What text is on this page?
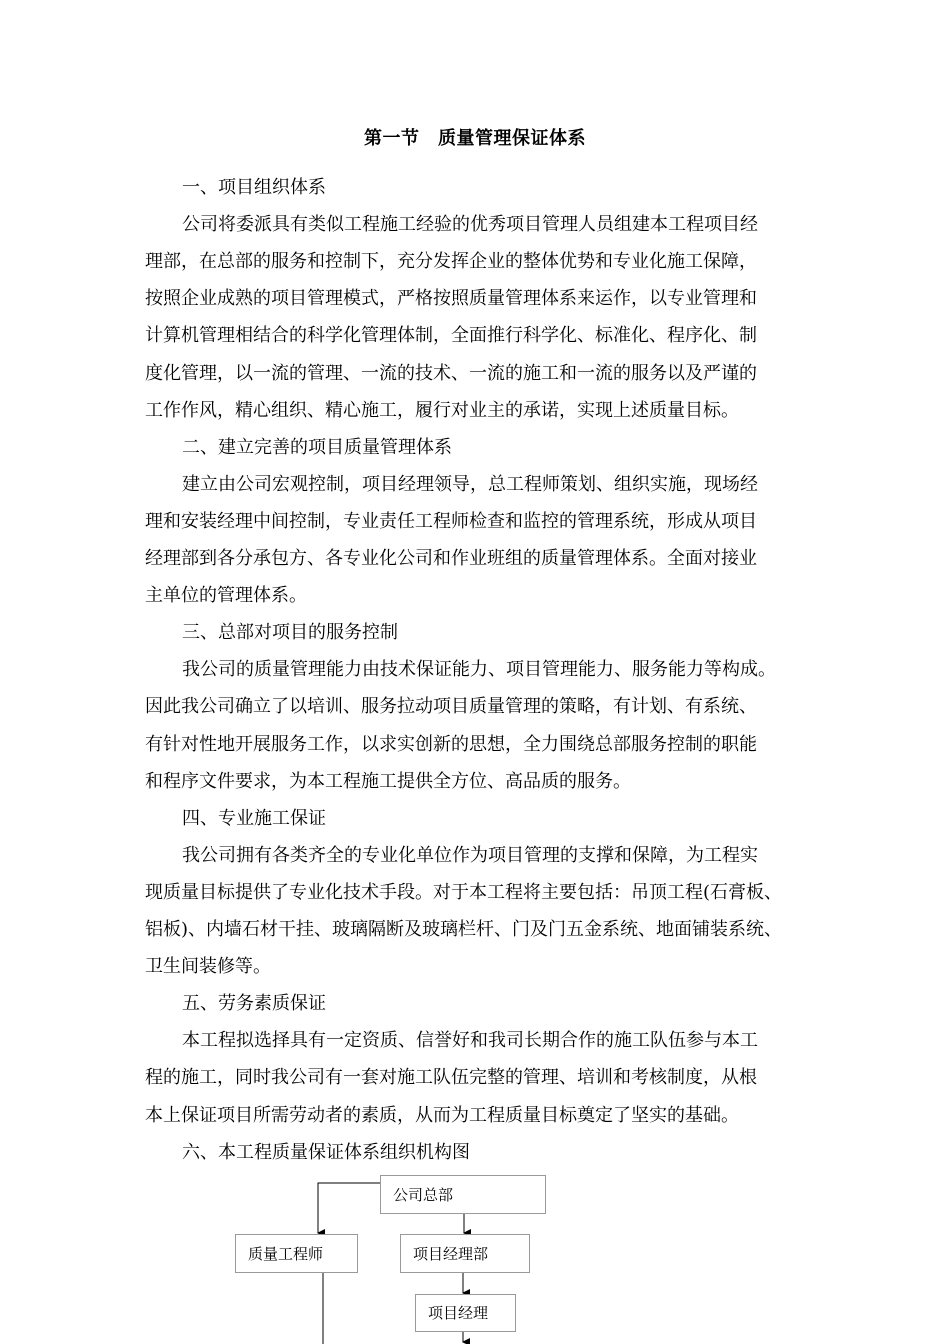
第一节　质量管理保证体系
一、项目组织体系
公司将委派具有类似工程施工经验的优秀项目管理人员组建本工程项目经
理部，在总部的服务和控制下，充分发挥企业的整体优势和专业化施工保障，
按照企业成熟的项目管理模式，严格按照质量管理体系来运作，以专业管理和
计算机管理相结合的科学化管理体制，全面推行科学化、标准化、程序化、制
度化管理，以一流的管理、一流的技术、一流的施工和一流的服务以及严谨的
工作作风，精心组织、精心施工，履行对业主的承诺，实现上述质量目标。
二、建立完善的项目质量管理体系
建立由公司宏观控制，项目经理领导，总工程师策划、组织实施，现场经
理和安装经理中间控制，专业责任工程师检查和监控的管理系统，形成从项目
经理部到各分承包方、各专业化公司和作业班组的质量管理体系。全面对接业
主单位的管理体系。
三、总部对项目的服务控制
我公司的质量管理能力由技术保证能力、项目管理能力、服务能力等构成。
因此我公司确立了以培训、服务拉动项目质量管理的策略，有计划、有系统、
有针对性地开展服务工作，以求实创新的思想，全力围绕总部服务控制的职能
和程序文件要求，为本工程施工提供全方位、高品质的服务。
四、专业施工保证
我公司拥有各类齐全的专业化单位作为项目管理的支撑和保障，为工程实
现质量目标提供了专业化技术手段。对于本工程将主要包括：吊顶工程(石膏板、
铝板)、内墙石材干挂、玻璃隔断及玻璃栏杆、门及门五金系统、地面铺装系统、
卫生间装修等。
五、劳务素质保证
本工程拟选择具有一定资质、信誉好和我司长期合作的施工队伍参与本工
程的施工，同时我公司有一套对施工队伍完整的管理、培训和考核制度，从根
本上保证项目所需劳动者的素质，从而为工程质量目标奠定了坚实的基础。
六、本工程质量保证体系组织机构图
公司总部
质量工程师	项目经理部
项目经理
